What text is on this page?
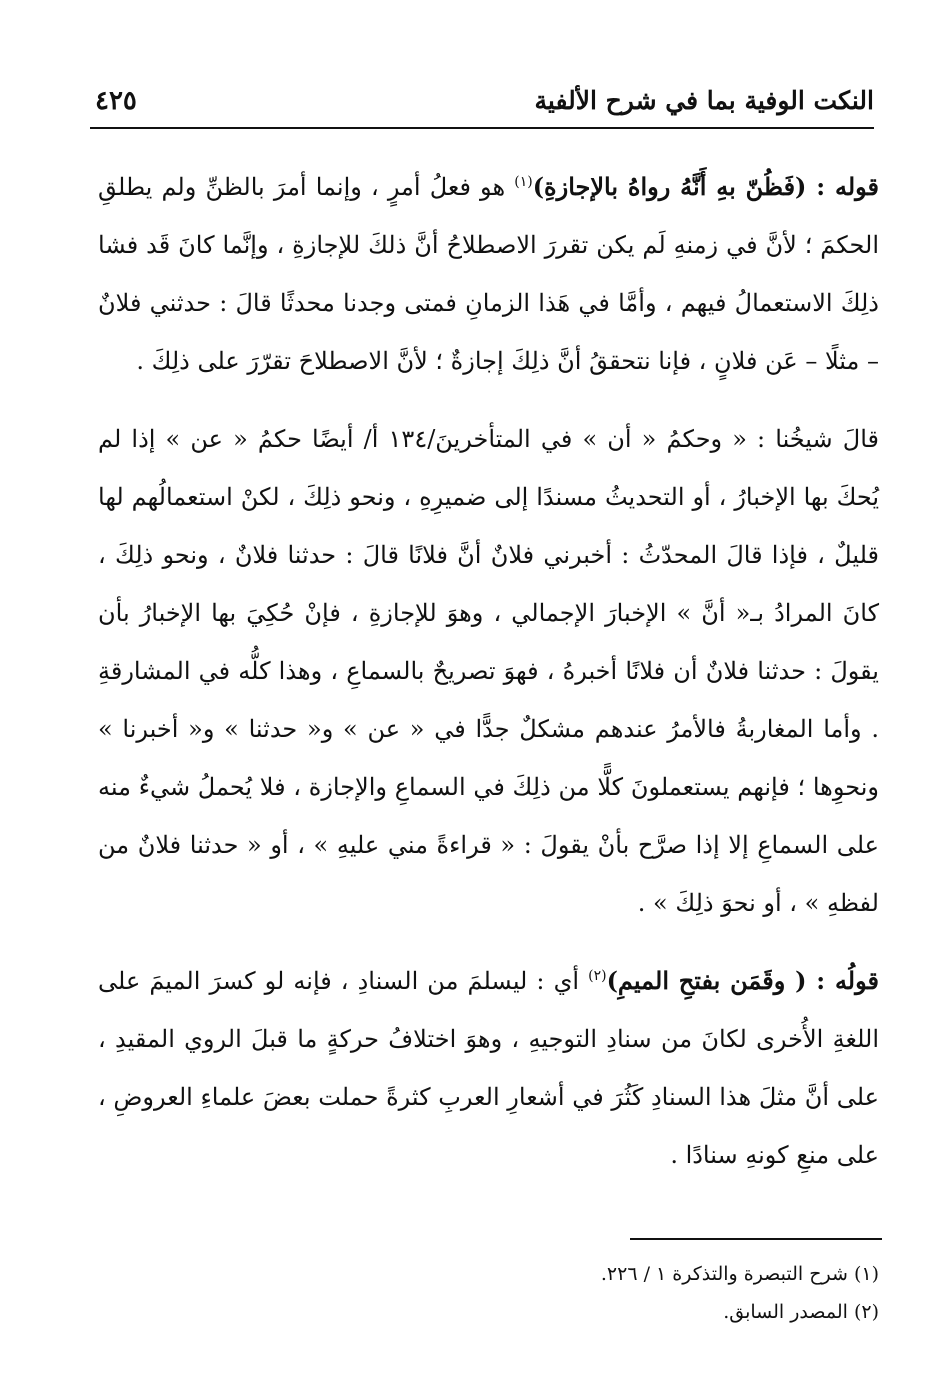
النكت الوفية بما في شرح الألفية
٤٢٥

قوله : (فَظُنّ بهِ أَنَّهُ رواهُ بالإجازةِ)$^{(١)}$ هو فعلُ أمرٍ ، وإنما أمرَ بالظنِّ ولم يطلقِ الحكمَ ؛ لأنَّ في زمنهِ لَم يكن تقررَ الاصطلاحُ أنَّ ذلكَ للإجازةِ ، وإنَّما كانَ قَد فشا ذلِكَ الاستعمالُ فيهم ، وأمَّا في هَذا الزمانِ فمتى وجدنا محدثًا قالَ : حدثني فلانٌ – مثلًا – عَن فلانٍ ، فإنا نتحققُ أنَّ ذلِكَ إجازةٌ ؛ لأنَّ الاصطلاحَ تقرّرَ على ذلِكَ .

قالَ شيخُنا : « وحكمُ « أن » في المتأخرينَ/١٣٤ أ/ أيضًا حكمُ « عن » إذا لم يُحكَ بها الإخبارُ ، أو التحديثُ مسندًا إلى ضميرِهِ ، ونحو ذلِكَ ، لكنْ استعمالُهم لها قليلٌ ، فإذا قالَ المحدّثُ : أخبرني فلانٌ أنَّ فلانًا قالَ : حدثنا فلانٌ ، ونحو ذلِكَ ، كانَ المرادُ بـ« أنَّ » الإخبارَ الإجمالي ، وهوَ للإجازةِ ، فإنْ حُكِيَ بها الإخبارُ بأن يقولَ : حدثنا فلانٌ أن فلانًا أخبرهُ ، فهوَ تصريحٌ بالسماعِ ، وهذا كلُّه في المشارقةِ . وأما المغاربةُ فالأمرُ عندهم مشكلٌ جدًّا في « عن » و« حدثنا » و« أخبرنا » ونحوِها ؛ فإنهم يستعملونَ كلًّا من ذلِكَ في السماعِ والإجازة ، فلا يُحملُ شيءٌ منه على السماعِ إلا إذا صرَّح بأنْ يقولَ : « قراءةً مني عليهِ » ، أو « حدثنا فلانٌ من لفظهِ » ، أو نحوَ ذلِكَ » .

قولُه : ( وقَمَن بفتحِ الميمِ)$^{(٢)}$ أي : ليسلمَ من السنادِ ، فإنه لو كسرَ الميمَ على اللغةِ الأُخرى لكانَ من سنادِ التوجيهِ ، وهوَ اختلافُ حركةٍ ما قبلَ الروي المقيدِ ، على أنَّ مثلَ هذا السنادِ كَثُرَ في أشعارِ العربِ كثرةً حملت بعضَ علماءِ العروضِ ، على منعِ كونهِ سنادًا .

(١) شرح التبصرة والتذكرة ١ / ٢٢٦.

(٢) المصدر السابق.
